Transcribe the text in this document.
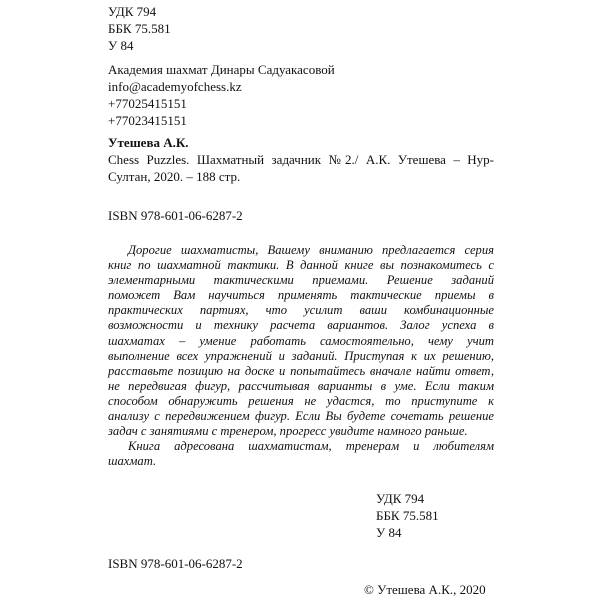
УДК 794
ББК 75.581
У 84
Академия шахмат Динары Садуакасовой
info@academyofchess.kz
+77025415151
+77023415151
Утешева А.К.
Chess Puzzles. Шахматный задачник №2./ А.К. Утешева – Нур-Султан, 2020. – 188 стр.
ISBN 978-601-06-6287-2
Дорогие шахматисты, Вашему вниманию предлагается серия
книг по шахматной тактики. В данной книге вы познакомитесь с
элементарными тактическими приемами. Решение заданий
поможет Вам научиться применять тактические приемы в
практических партиях, что усилит ваши комбинационные
возможности и технику расчета вариантов. Залог успеха в
шахматах – умение работать самостоятельно, чему учит
выполнение всех упражнений и заданий. Приступая к их решению,
расставьте позицию на доске и попытайтесь вначале найти ответ,
не передвигая фигур, рассчитывая варианты в уме. Если таким
способом обнаружить решения не удастся, то приступите к
анализу с передвижением фигур. Если Вы будете сочетать решение
задач с занятиями с тренером, прогресс увидите намного раньше.
Книга адресована шахматистам, тренерам и любителям
шахмат.
УДК 794
ББК 75.581
У 84
ISBN 978-601-06-6287-2
© Утешева А.К., 2020
